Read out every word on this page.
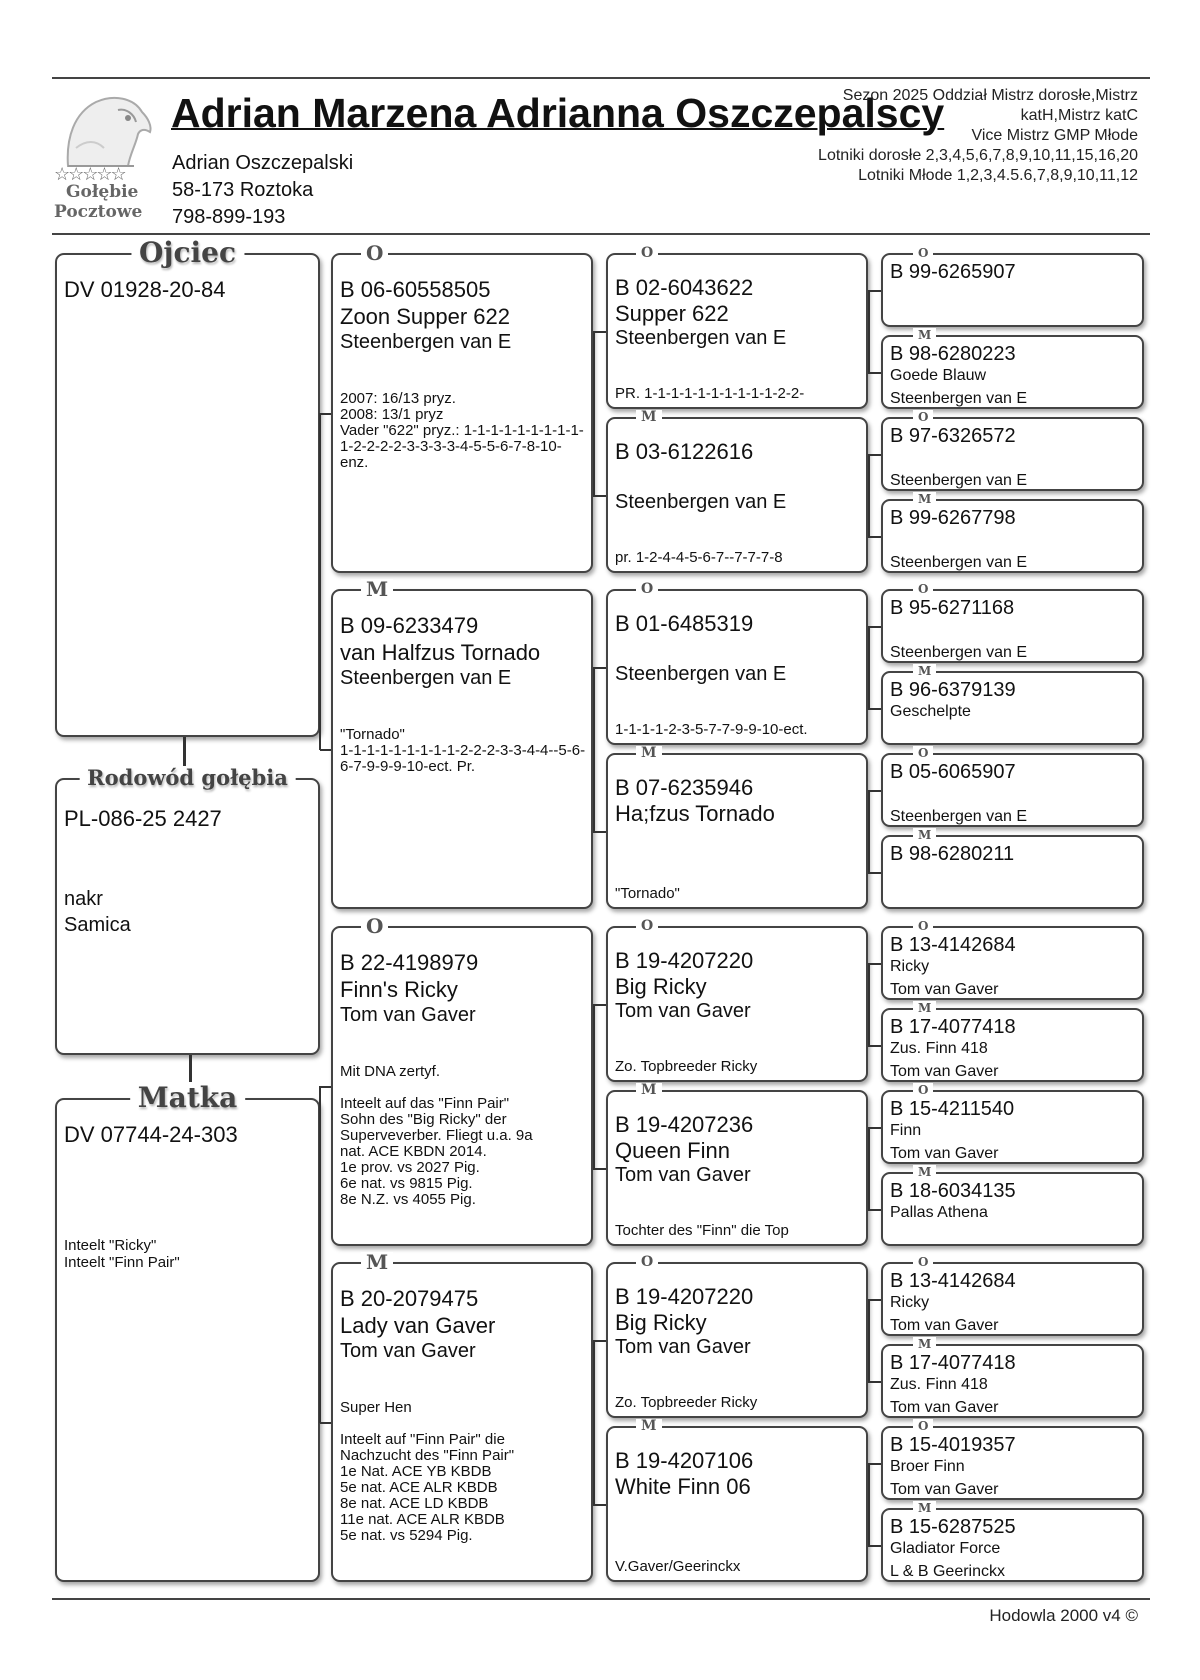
☆☆☆☆☆
Gołębie
Pocztowe
Adrian Marzena Adrianna Oszczepalscy
Sezon 2025 Oddział Mistrz dorosłe,Mistrz
katH,Mistrz katC
Vice Mistrz GMP Młode
Lotniki dorosłe 2,3,4,5,6,7,8,9,10,11,15,16,20
Lotniki Młode 1,2,3,4.5.6,7,8,9,10,11,12
Adrian Oszczepalski
58-173 Roztoka
798-899-193
Ojciec
DV 01928-20-84
Rodowód gołębia
PL-086-25 2427
nakr
Samica
Matka
DV 07744-24-303
Inteelt "Ricky"
Inteelt "Finn Pair"
O
B 06-60558505
Zoon Supper 622
Steenbergen van E
2007: 16/13 pryz.
2008: 13/1 pryz
Vader "622" pryz.: 1-1-1-1-1-1-1-1-1-1-2-2-2-2-3-3-3-3-4-5-5-6-7-8-10-enz.
M
B 09-6233479
van Halfzus Tornado
Steenbergen van E
"Tornado"
1-1-1-1-1-1-1-1-1-2-2-2-3-3-4-4--5-6-6-7-9-9-9-10-ect. Pr.
O
B 22-4198979
Finn's Ricky
Tom van Gaver
Mit DNA zertyf.
Inteelt auf das "Finn Pair"
Sohn des "Big Ricky" der
Superveverber. Fliegt u.a. 9a
nat. ACE KBDN 2014.
1e prov. vs 2027 Pig.
6e nat. vs 9815 Pig.
8e N.Z. vs 4055 Pig.
M
B 20-2079475
Lady van Gaver
Tom van Gaver
Super Hen
Inteelt auf "Finn Pair" die
Nachzucht des "Finn Pair"
1e Nat. ACE YB KBDB
5e nat. ACE ALR KBDB
8e nat. ACE LD KBDB
11e nat. ACE ALR KBDB
5e nat. vs 5294 Pig.
O
B 02-6043622
Supper 622
Steenbergen van E
PR. 1-1-1-1-1-1-1-1-1-1-2-2-
M
B 03-6122616
Steenbergen van E
pr. 1-2-4-4-5-6-7--7-7-7-8
O
B 01-6485319
Steenbergen van E
1-1-1-1-2-3-5-7-7-9-9-10-ect.
M
B 07-6235946
Ha;fzus Tornado
"Tornado"
O
B 19-4207220
Big Ricky
Tom van Gaver
Zo. Topbreeder Ricky
M
B 19-4207236
Queen Finn
Tom van Gaver
Tochter des "Finn" die Top
O
B 19-4207220
Big Ricky
Tom van Gaver
Zo. Topbreeder Ricky
M
B 19-4207106
White Finn 06
V.Gaver/Geerinckx
O
B 99-6265907
M
B 98-6280223
Goede Blauw
Steenbergen van E
O
B 97-6326572
Steenbergen van E
M
B 99-6267798
Steenbergen van E
O
B 95-6271168
Steenbergen van E
M
B 96-6379139
Geschelpte
O
B 05-6065907
Steenbergen van E
M
B 98-6280211
O
B 13-4142684
Ricky
Tom van Gaver
M
B 17-4077418
Zus. Finn 418
Tom van Gaver
O
B 15-4211540
Finn
Tom van Gaver
M
B 18-6034135
Pallas Athena
O
B 13-4142684
Ricky
Tom van Gaver
M
B 17-4077418
Zus. Finn 418
Tom van Gaver
O
B 15-4019357
Broer Finn
Tom van Gaver
M
B 15-6287525
Gladiator Force
L & B Geerinckx
Hodowla 2000 v4 ©
